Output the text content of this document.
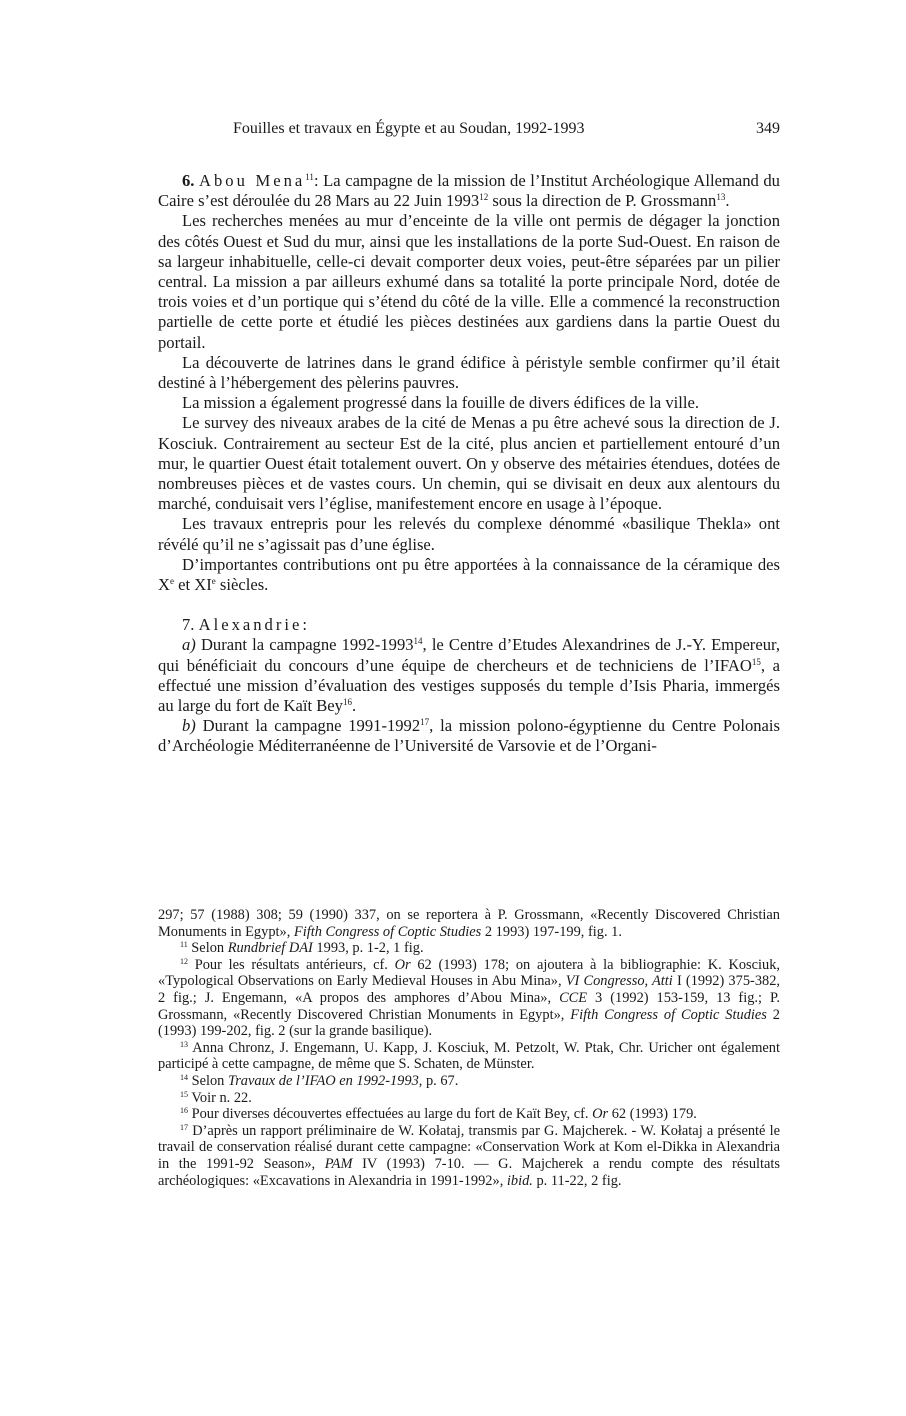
Fouilles et travaux en Égypte et au Soudan, 1992-1993	349

6. Abou Mena$^{11}$: La campagne de la mission de l’Institut Archéologique Allemand du Caire s’est déroulée du 28 Mars au 22 Juin 1993$^{12}$ sous la direction de P. Grossmann$^{13}$.

Les recherches menées au mur d’enceinte de la ville ont permis de dégager la jonction des côtés Ouest et Sud du mur, ainsi que les installations de la porte Sud-Ouest. En raison de sa largeur inhabituelle, celle-ci devait comporter deux voies, peut-être séparées par un pilier central. La mission a par ailleurs exhumé dans sa totalité la porte principale Nord, dotée de trois voies et d’un portique qui s’étend du côté de la ville. Elle a commencé la reconstruction partielle de cette porte et étudié les pièces destinées aux gardiens dans la partie Ouest du portail.

La découverte de latrines dans le grand édifice à péristyle semble confirmer qu’il était destiné à l’hébergement des pèlerins pauvres.

La mission a également progressé dans la fouille de divers édifices de la ville.

Le survey des niveaux arabes de la cité de Menas a pu être achevé sous la direction de J. Kosciuk. Contrairement au secteur Est de la cité, plus ancien et partiellement entouré d’un mur, le quartier Ouest était totalement ouvert. On y observe des métairies étendues, dotées de nombreuses pièces et de vastes cours. Un chemin, qui se divisait en deux aux alentours du marché, conduisait vers l’église, manifestement encore en usage à l’époque.

Les travaux entrepris pour les relevés du complexe dénommé «basilique Thekla» ont révélé qu’il ne s’agissait pas d’une église.

D’importantes contributions ont pu être apportées à la connaissance de la céramique des Xe et XIe siècles.

7. Alexandrie:

a) Durant la campagne 1992-1993$^{14}$, le Centre d’Etudes Alexandrines de J.-Y. Empereur, qui bénéficiait du concours d’une équipe de chercheurs et de techniciens de l’IFAO$^{15}$, a effectué une mission d’évaluation des vestiges supposés du temple d’Isis Pharia, immergés au large du fort de Kaït Bey$^{16}$.

b) Durant la campagne 1991-1992$^{17}$, la mission polono-égyptienne du Centre Polonais d’Archéologie Méditerranéenne de l’Université de Varsovie et de l’Organi-

297; 57 (1988) 308; 59 (1990) 337, on se reportera à P. Grossmann, «Recently Discovered Christian Monuments in Egypt», Fifth Congress of Coptic Studies 2 1993) 197-199, fig. 1.

$^{11}$ Selon Rundbrief DAI 1993, p. 1-2, 1 fig.

$^{12}$ Pour les résultats antérieurs, cf. Or 62 (1993) 178; on ajoutera à la bibliographie: K. Kosciuk, «Typological Observations on Early Medieval Houses in Abu Mina», VI Congresso, Atti I (1992) 375-382, 2 fig.; J. Engemann, «A propos des amphores d’Abou Mina», CCE 3 (1992) 153-159, 13 fig.; P. Grossmann, «Recently Discovered Christian Monuments in Egypt», Fifth Congress of Coptic Studies 2 (1993) 199-202, fig. 2 (sur la grande basilique).

$^{13}$ Anna Chronz, J. Engemann, U. Kapp, J. Kosciuk, M. Petzolt, W. Ptak, Chr. Uricher ont également participé à cette campagne, de même que S. Schaten, de Münster.

$^{14}$ Selon Travaux de l’IFAO en 1992-1993, p. 67.

$^{15}$ Voir n. 22.

$^{16}$ Pour diverses découvertes effectuées au large du fort de Kaït Bey, cf. Or 62 (1993) 179.

$^{17}$ D’après un rapport préliminaire de W. Kołataj, transmis par G. Majcherek. - W. Kołataj a présenté le travail de conservation réalisé durant cette campagne: «Conservation Work at Kom el-Dikka in Alexandria in the 1991-92 Season», PAM IV (1993) 7-10. — G. Majcherek a rendu compte des résultats archéologiques: «Excavations in Alexandria in 1991-1992», ibid. p. 11-22, 2 fig.
